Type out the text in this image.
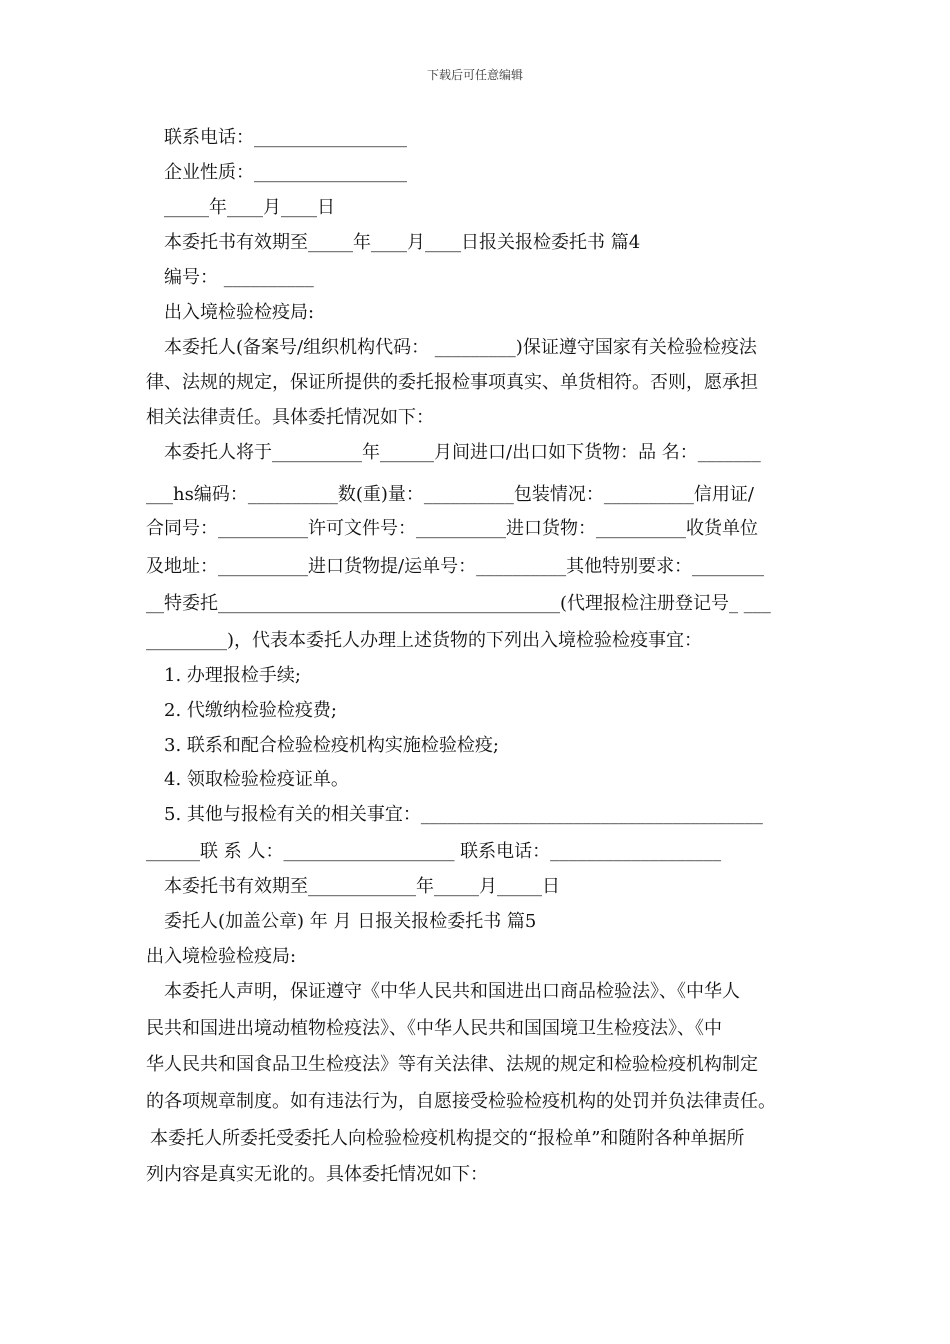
下载后可任意编辑
联系电话：_________________
企业性质：_________________
_____年____月____日
本委托书有效期至_____年____月____日报关报检委托书 篇4
编号： __________
出入境检验检疫局:
本委托人(备案号/组织机构代码： _________)保证遵守国家有关检验检疫法
律、法规的规定，保证所提供的委托报检事项真实、单货相符。否则，愿承担
相关法律责任。具体委托情况如下：
本委托人将于__________年______月间进口/出口如下货物：品 名：_______
___hs编码：__________数(重)量：__________包装情况：__________信用证/
合同号：__________许可文件号：__________进口货物：__________收货单位
及地址：__________进口货物提/运单号：__________其他特别要求：________
__特委托______________________________________(代理报检注册登记号_ ___
_________)，代表本委托人办理上述货物的下列出入境检验检疫事宜：
1. 办理报检手续;
2. 代缴纳检验检疫费;
3. 联系和配合检验检疫机构实施检验检疫;
4. 领取检验检疫证单。
5. 其他与报检有关的相关事宜：______________________________________
______联 系 人：___________________ 联系电话：___________________
本委托书有效期至____________年_____月_____日
委托人(加盖公章) 年 月 日报关报检委托书 篇5
出入境检验检疫局:
本委托人声明，保证遵守《中华人民共和国进出口商品检验法》、《中华人
民共和国进出境动植物检疫法》、《中华人民共和国国境卫生检疫法》、《中
华人民共和国食品卫生检疫法》等有关法律、法规的规定和检验检疫机构制定
的各项规章制度。如有违法行为，自愿接受检验检疫机构的处罚并负法律责任。
本委托人所委托受委托人向检验检疫机构提交的“报检单”和随附各种单据所
列内容是真实无讹的。具体委托情况如下：
